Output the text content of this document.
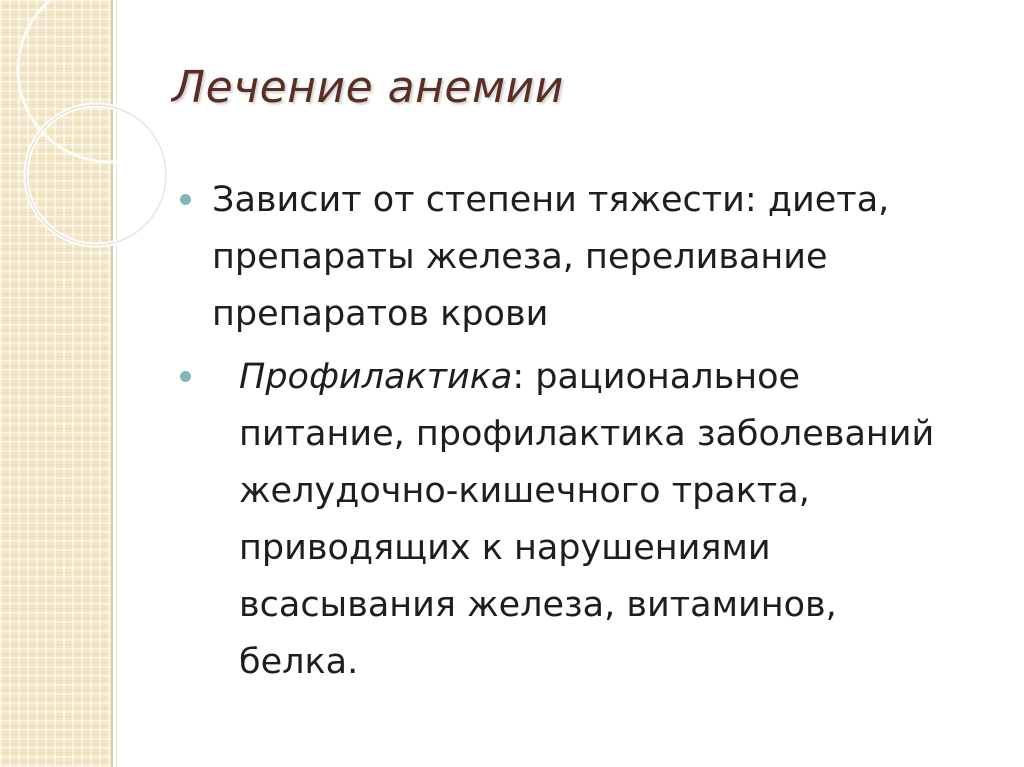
Лечение анемии
Зависит от степени тяжести: диета,
препараты железа, переливание
препаратов крови
Профилактика: рациональное
питание, профилактика заболеваний
желудочно-кишечного тракта,
приводящих к нарушениями
всасывания железа, витаминов,
белка.
